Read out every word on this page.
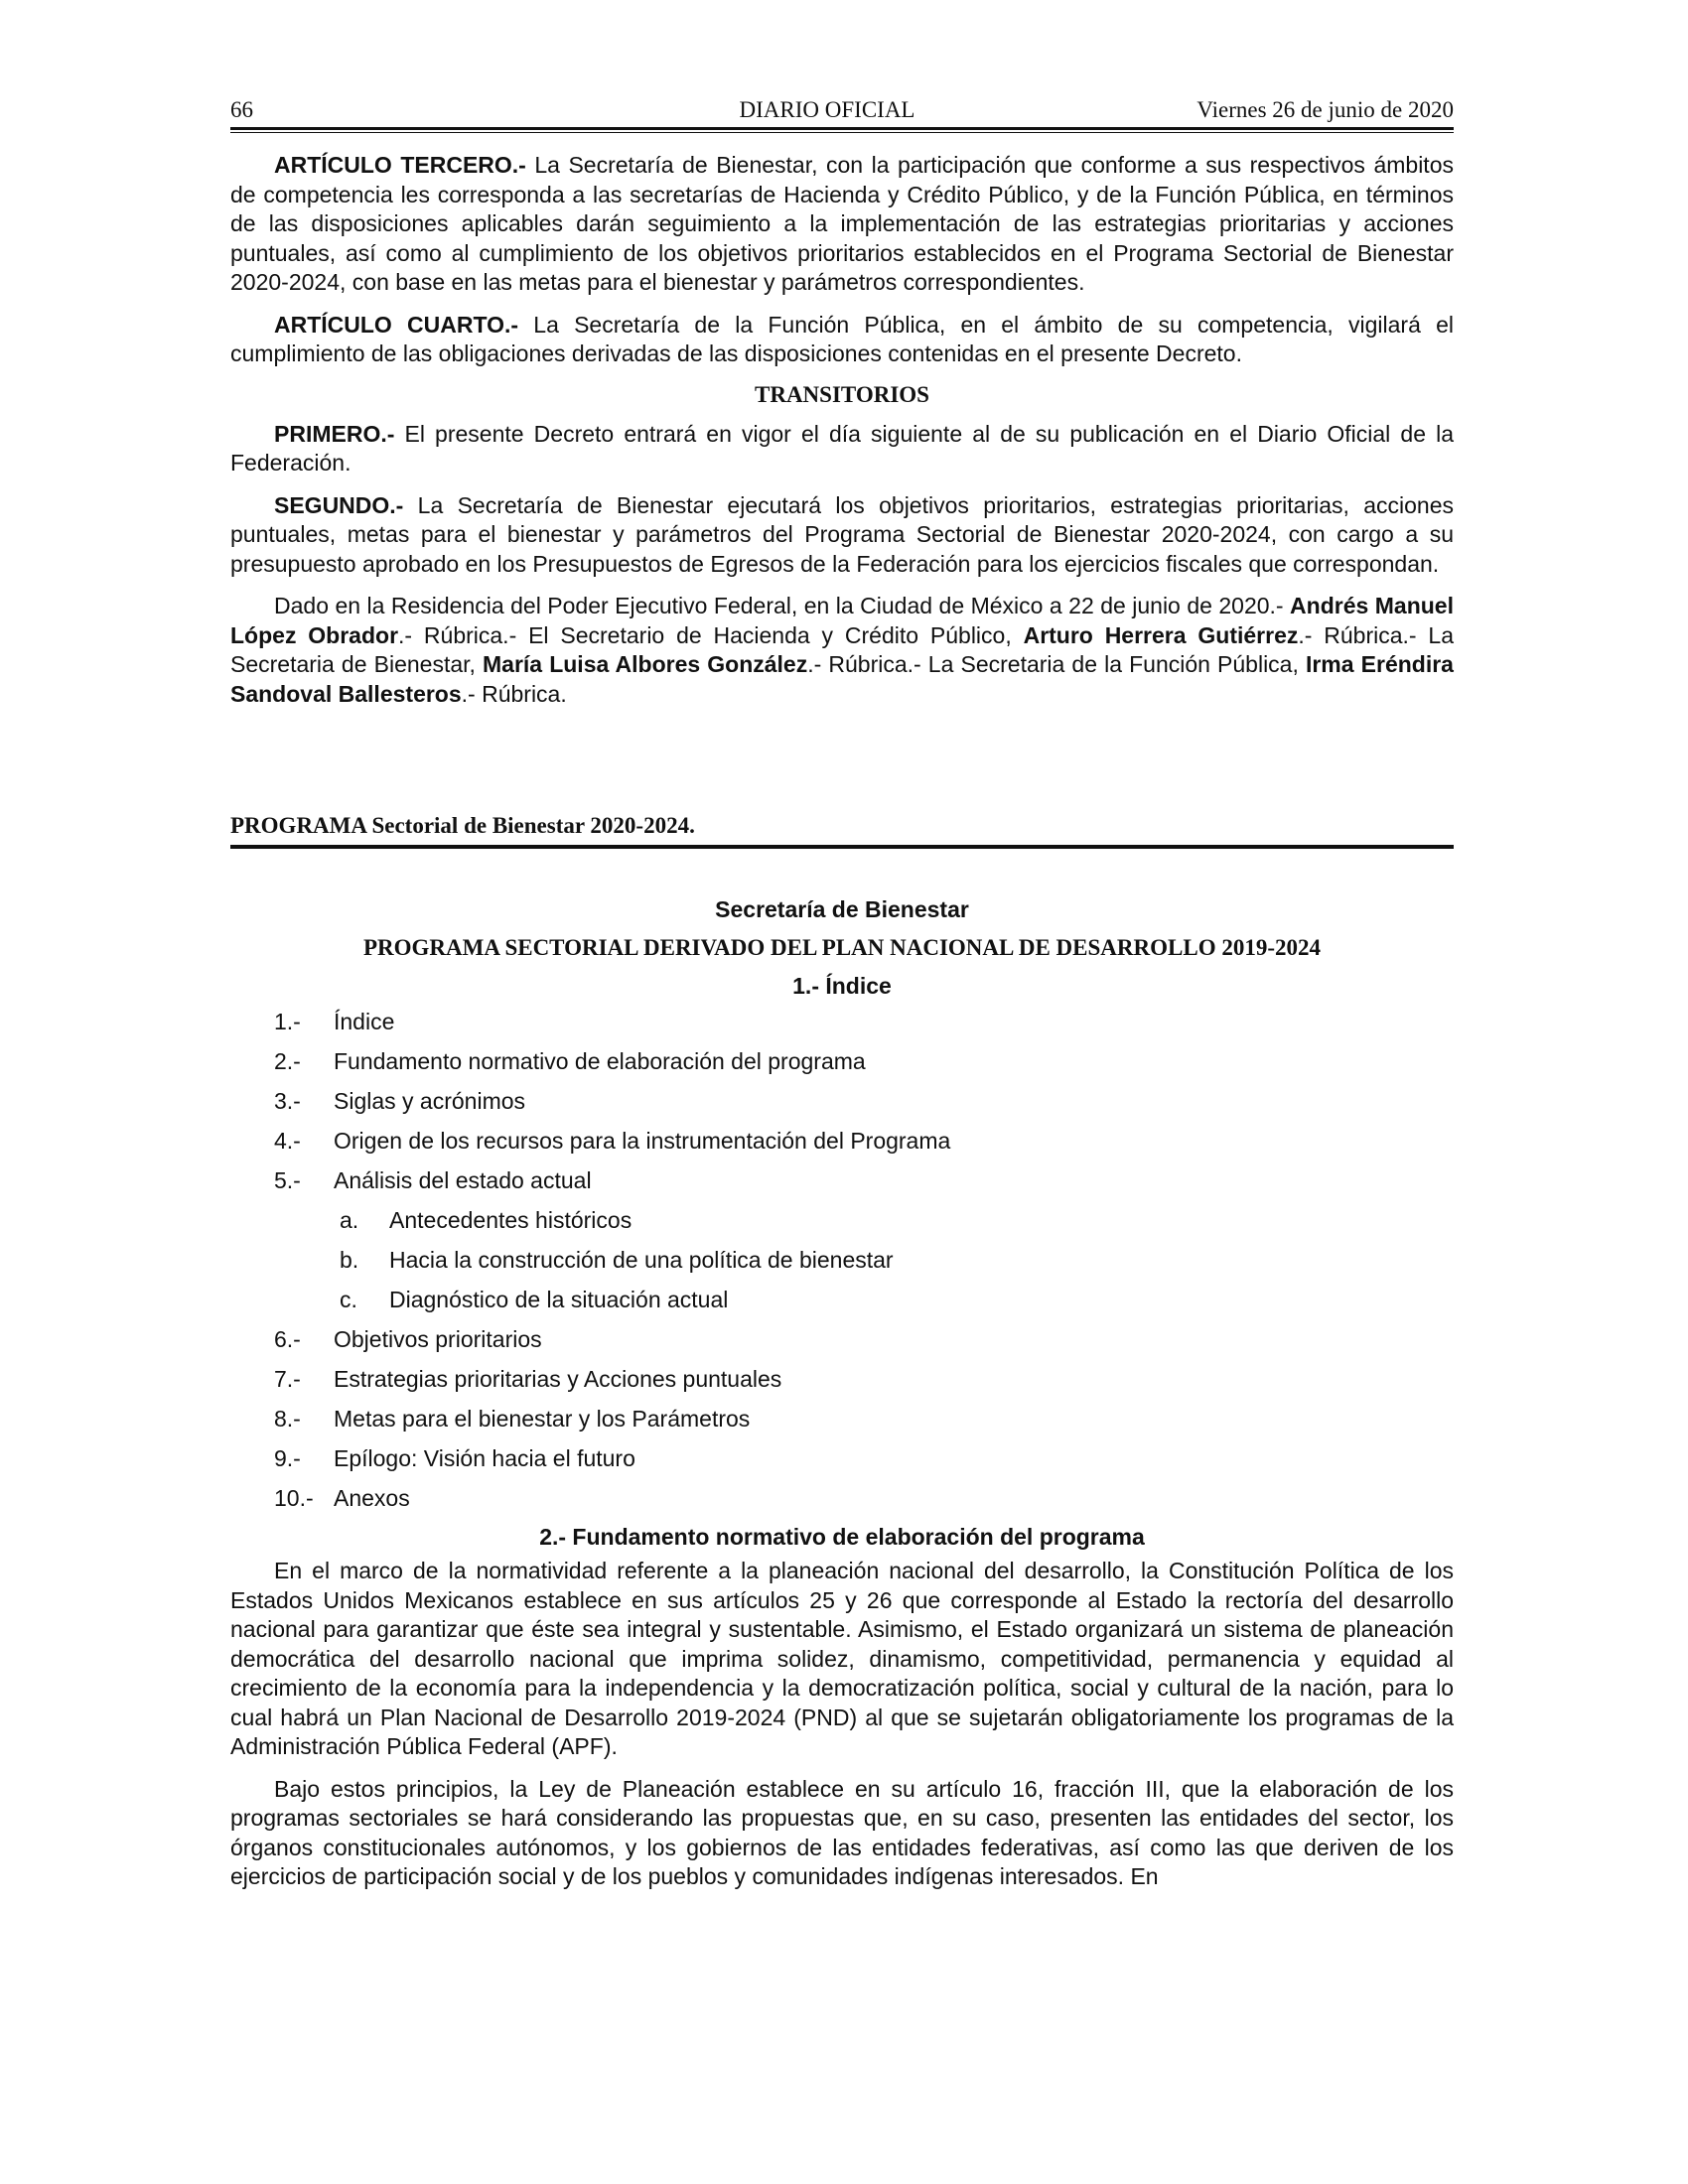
66	DIARIO OFICIAL	Viernes 26 de junio de 2020

ARTÍCULO TERCERO.- La Secretaría de Bienestar, con la participación que conforme a sus respectivos ámbitos de competencia les corresponda a las secretarías de Hacienda y Crédito Público, y de la Función Pública, en términos de las disposiciones aplicables darán seguimiento a la implementación de las estrategias prioritarias y acciones puntuales, así como al cumplimiento de los objetivos prioritarios establecidos en el Programa Sectorial de Bienestar 2020-2024, con base en las metas para el bienestar y parámetros correspondientes.

ARTÍCULO CUARTO.- La Secretaría de la Función Pública, en el ámbito de su competencia, vigilará el cumplimiento de las obligaciones derivadas de las disposiciones contenidas en el presente Decreto.

TRANSITORIOS

PRIMERO.- El presente Decreto entrará en vigor el día siguiente al de su publicación en el Diario Oficial de la Federación.

SEGUNDO.- La Secretaría de Bienestar ejecutará los objetivos prioritarios, estrategias prioritarias, acciones puntuales, metas para el bienestar y parámetros del Programa Sectorial de Bienestar 2020-2024, con cargo a su presupuesto aprobado en los Presupuestos de Egresos de la Federación para los ejercicios fiscales que correspondan.

Dado en la Residencia del Poder Ejecutivo Federal, en la Ciudad de México a 22 de junio de 2020.- Andrés Manuel López Obrador.- Rúbrica.- El Secretario de Hacienda y Crédito Público, Arturo Herrera Gutiérrez.- Rúbrica.- La Secretaria de Bienestar, María Luisa Albores González.- Rúbrica.- La Secretaria de la Función Pública, Irma Eréndira Sandoval Ballesteros.- Rúbrica.

PROGRAMA Sectorial de Bienestar 2020-2024.
Secretaría de Bienestar
PROGRAMA SECTORIAL DERIVADO DEL PLAN NACIONAL DE DESARROLLO 2019-2024
1.- Índice
1.-	Índice
2.-	Fundamento normativo de elaboración del programa
3.-	Siglas y acrónimos
4.-	Origen de los recursos para la instrumentación del Programa
5.-	Análisis del estado actual
a.	Antecedentes históricos
b.	Hacia la construcción de una política de bienestar
c.	Diagnóstico de la situación actual
6.-	Objetivos prioritarios
7.-	Estrategias prioritarias y Acciones puntuales
8.-	Metas para el bienestar y los Parámetros
9.-	Epílogo: Visión hacia el futuro
10.- Anexos
2.- Fundamento normativo de elaboración del programa

En el marco de la normatividad referente a la planeación nacional del desarrollo, la Constitución Política de los Estados Unidos Mexicanos establece en sus artículos 25 y 26 que corresponde al Estado la rectoría del desarrollo nacional para garantizar que éste sea integral y sustentable. Asimismo, el Estado organizará un sistema de planeación democrática del desarrollo nacional que imprima solidez, dinamismo, competitividad, permanencia y equidad al crecimiento de la economía para la independencia y la democratización política, social y cultural de la nación, para lo cual habrá un Plan Nacional de Desarrollo 2019-2024 (PND) al que se sujetarán obligatoriamente los programas de la Administración Pública Federal (APF).

Bajo estos principios, la Ley de Planeación establece en su artículo 16, fracción III, que la elaboración de los programas sectoriales se hará considerando las propuestas que, en su caso, presenten las entidades del sector, los órganos constitucionales autónomos, y los gobiernos de las entidades federativas, así como las que deriven de los ejercicios de participación social y de los pueblos y comunidades indígenas interesados. En
